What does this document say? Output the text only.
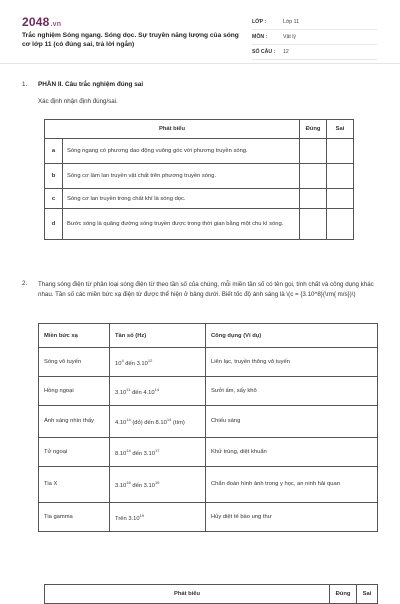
2048.vn
Trắc nghiệm Sóng ngang. Sóng dọc. Sự truyền năng lượng của sóng cơ lớp 11 (có đúng sai, trả lời ngắn)
LỚP :	Lớp 11
MÔN :	Vật lý
SỐ CÂU :	12
1. PHẦN II. Câu trắc nghiệm đúng sai
Xác định nhận định đúng/sai.
Phát biểu		Đúng	Sai
a	Sóng ngang có phương dao động vuông góc với phương truyền sóng.		
b	Sóng cơ làm lan truyền vật chất trên phương truyền sóng.		
c	Sóng cơ lan truyền trong chất khí là sóng dọc.		
d	Bước sóng là quãng đường sóng truyền được trong thời gian bằng một chu kì sóng.		
2. Thang sóng điện từ phân loại sóng điện từ theo tần số của chúng, mỗi miền tần số có tên gọi, tính chất và công dụng khác nhau. Tần số các miền bức xạ điện từ được thể hiện ở bảng dưới. Biết tốc độ ánh sáng là \(c = {3.10^8}(\rm{ m/s})\)
Miền bức xạ	Tần số (Hz)	Công dụng (Ví dụ)
Sóng vô tuyến	$10^4$ đến 3.10$^{12}$	Liên lạc, truyền thông vô tuyến
Hồng ngoại	3.10$^{11}$ đến 4.10$^{14}$	Sưởi ấm, sấy khô
Ánh sáng nhìn thấy	4.10$^{14}$ (đỏ) đến 8.10$^{14}$ (tím)	Chiếu sáng
Tử ngoại	8.10$^{14}$ đến 3.10$^{17}$	Khử trùng, diệt khuẩn
Tia X	3.10$^{16}$ đến 3.10$^{19}$	Chẩn đoán hình ảnh trong y học, an ninh hải quan
Tia gamma	Trên 3.10$^{19}$	Hủy diệt tế bào ung thư
Phát biểu	Đúng	Sai
